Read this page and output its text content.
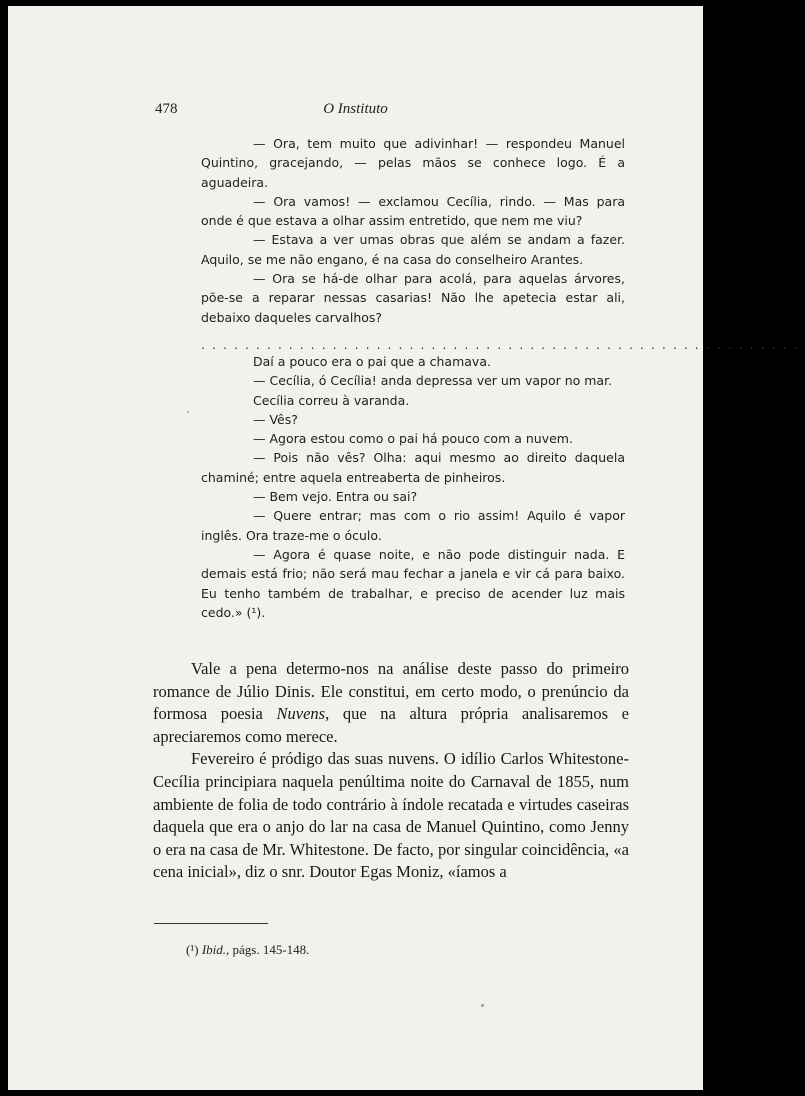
478	O Instituto

— Ora, tem muito que adivinhar! — respondeu Manuel Quintino, gracejando, — pelas mãos se conhece logo. É a aguadeira.

— Ora vamos! — exclamou Cecília, rindo. — Mas para onde é que estava a olhar assim entretido, que nem me viu?

— Estava a ver umas obras que além se andam a fazer. Aquilo, se me não engano, é na casa do conselheiro Arantes.

— Ora se há-de olhar para acolá, para aquelas árvores, põe-se a reparar nessas casarias! Não lhe apetecia estar ali, debaixo daqueles carvalhos?

.......................................................

Daí a pouco era o pai que a chamava.

— Cecília, ó Cecília! anda depressa ver um vapor no mar.

Cecília correu à varanda.

— Vês?

— Agora estou como o pai há pouco com a nuvem.

— Pois não vês? Olha: aqui mesmo ao direito daquela chaminé; entre aquela entreaberta de pinheiros.

— Bem vejo. Entra ou sai?

— Quere entrar; mas com o rio assim! Aquilo é vapor inglês. Ora traze-me o óculo.

— Agora é quase noite, e não pode distinguir nada. E demais está frio; não será mau fechar a janela e vir cá para baixo. Eu tenho também de trabalhar, e preciso de acender luz mais cedo.» (¹).

Vale a pena determo-nos na análise deste passo do primeiro romance de Júlio Dinis. Ele constitui, em certo modo, o prenúncio da formosa poesia Nuvens, que na altura própria analisaremos e apreciaremos como merece.

Fevereiro é pródigo das suas nuvens. O idílio Carlos Whitestone-Cecília principiara naquela penúltima noite do Carnaval de 1855, num ambiente de folia de todo contrário à índole recatada e virtudes caseiras daquela que era o anjo do lar na casa de Manuel Quintino, como Jenny o era na casa de Mr. Whitestone. De facto, por singular coincidência, «a cena inicial», diz o snr. Doutor Egas Moniz, «íamos a

(¹) Ibid., págs. 145-148.
